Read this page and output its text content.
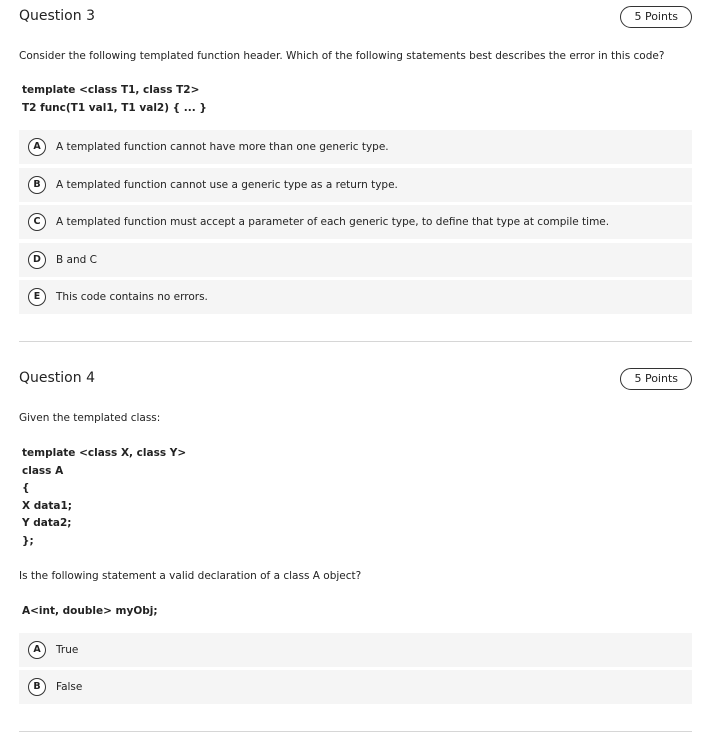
Question 3	5 Points
Consider the following templated function header. Which of the following statements best describes the error in this code?
template <class T1, class T2>
T2 func(T1 val1, T1 val2) { ... }
A	A templated function cannot have more than one generic type.
B	A templated function cannot use a generic type as a return type.
C	A templated function must accept a parameter of each generic type, to define that type at compile time.
D	B and C
E	This code contains no errors.
Question 4	5 Points
Given the templated class:
template <class X, class Y>
class A
{
X data1;
Y data2;
};
Is the following statement a valid declaration of a class A object?
A<int, double> myObj;
A	True
B	False
